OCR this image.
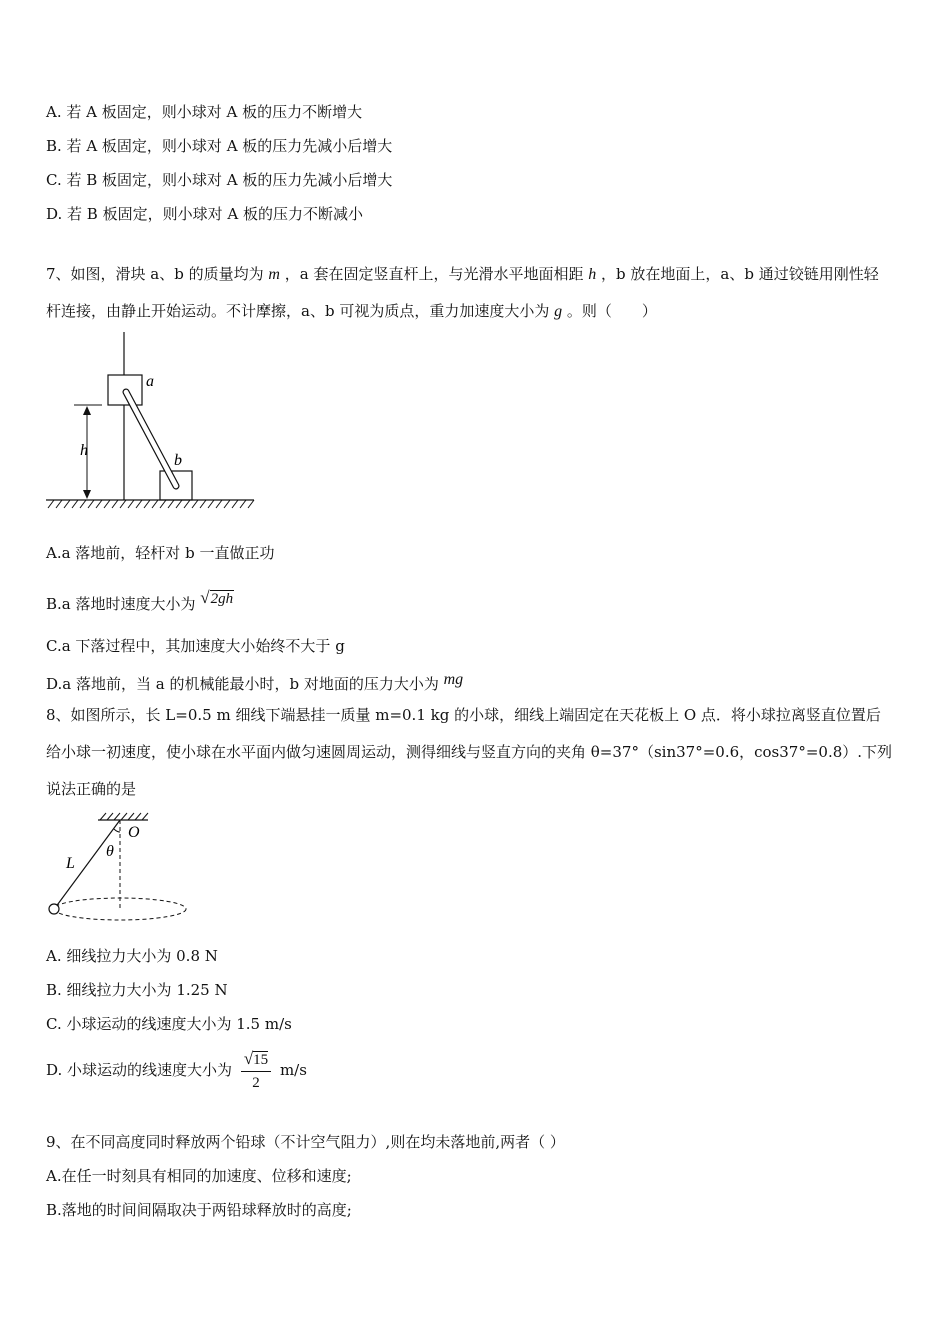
A. 若 A 板固定，则小球对 A 板的压力不断增大
B. 若 A 板固定，则小球对 A 板的压力先减小后增大
C. 若 B 板固定，则小球对 A 板的压力先减小后增大
D. 若 B 板固定，则小球对 A 板的压力不断减小
7、如图，滑块 a、b 的质量均为 m ，a 套在固定竖直杆上，与光滑水平地面相距 h ，b 放在地面上，a、b 通过铰链用刚性轻
杆连接，由静止开始运动。不计摩擦，a、b 可视为质点，重力加速度大小为 g 。则（　　）
a
b
h
A.a 落地前，轻杆对 b 一直做正功
B.a 落地时速度大小为 √2gh
C.a 下落过程中，其加速度大小始终不大于 g
D.a 落地前，当 a 的机械能最小时，b 对地面的压力大小为 mg
8、如图所示，长 L=0.5 m 细线下端悬挂一质量 m=0.1 kg 的小球，细线上端固定在天花板上 O 点．将小球拉离竖直位置后
给小球一初速度，使小球在水平面内做匀速圆周运动，测得细线与竖直方向的夹角 θ=37°（sin37°=0.6，cos37°=0.8）.下列
说法正确的是
O
θ
L
A. 细线拉力大小为 0.8 N
B. 细线拉力大小为 1.25 N
C. 小球运动的线速度大小为 1.5 m/s
D. 小球运动的线速度大小为 $\frac{√15}{2} m/s$
9、在不同高度同时释放两个铅球（不计空气阻力）,则在均未落地前,两者（ ）
A.在任一时刻具有相同的加速度、位移和速度;
B.落地的时间间隔取决于两铅球释放时的高度;
